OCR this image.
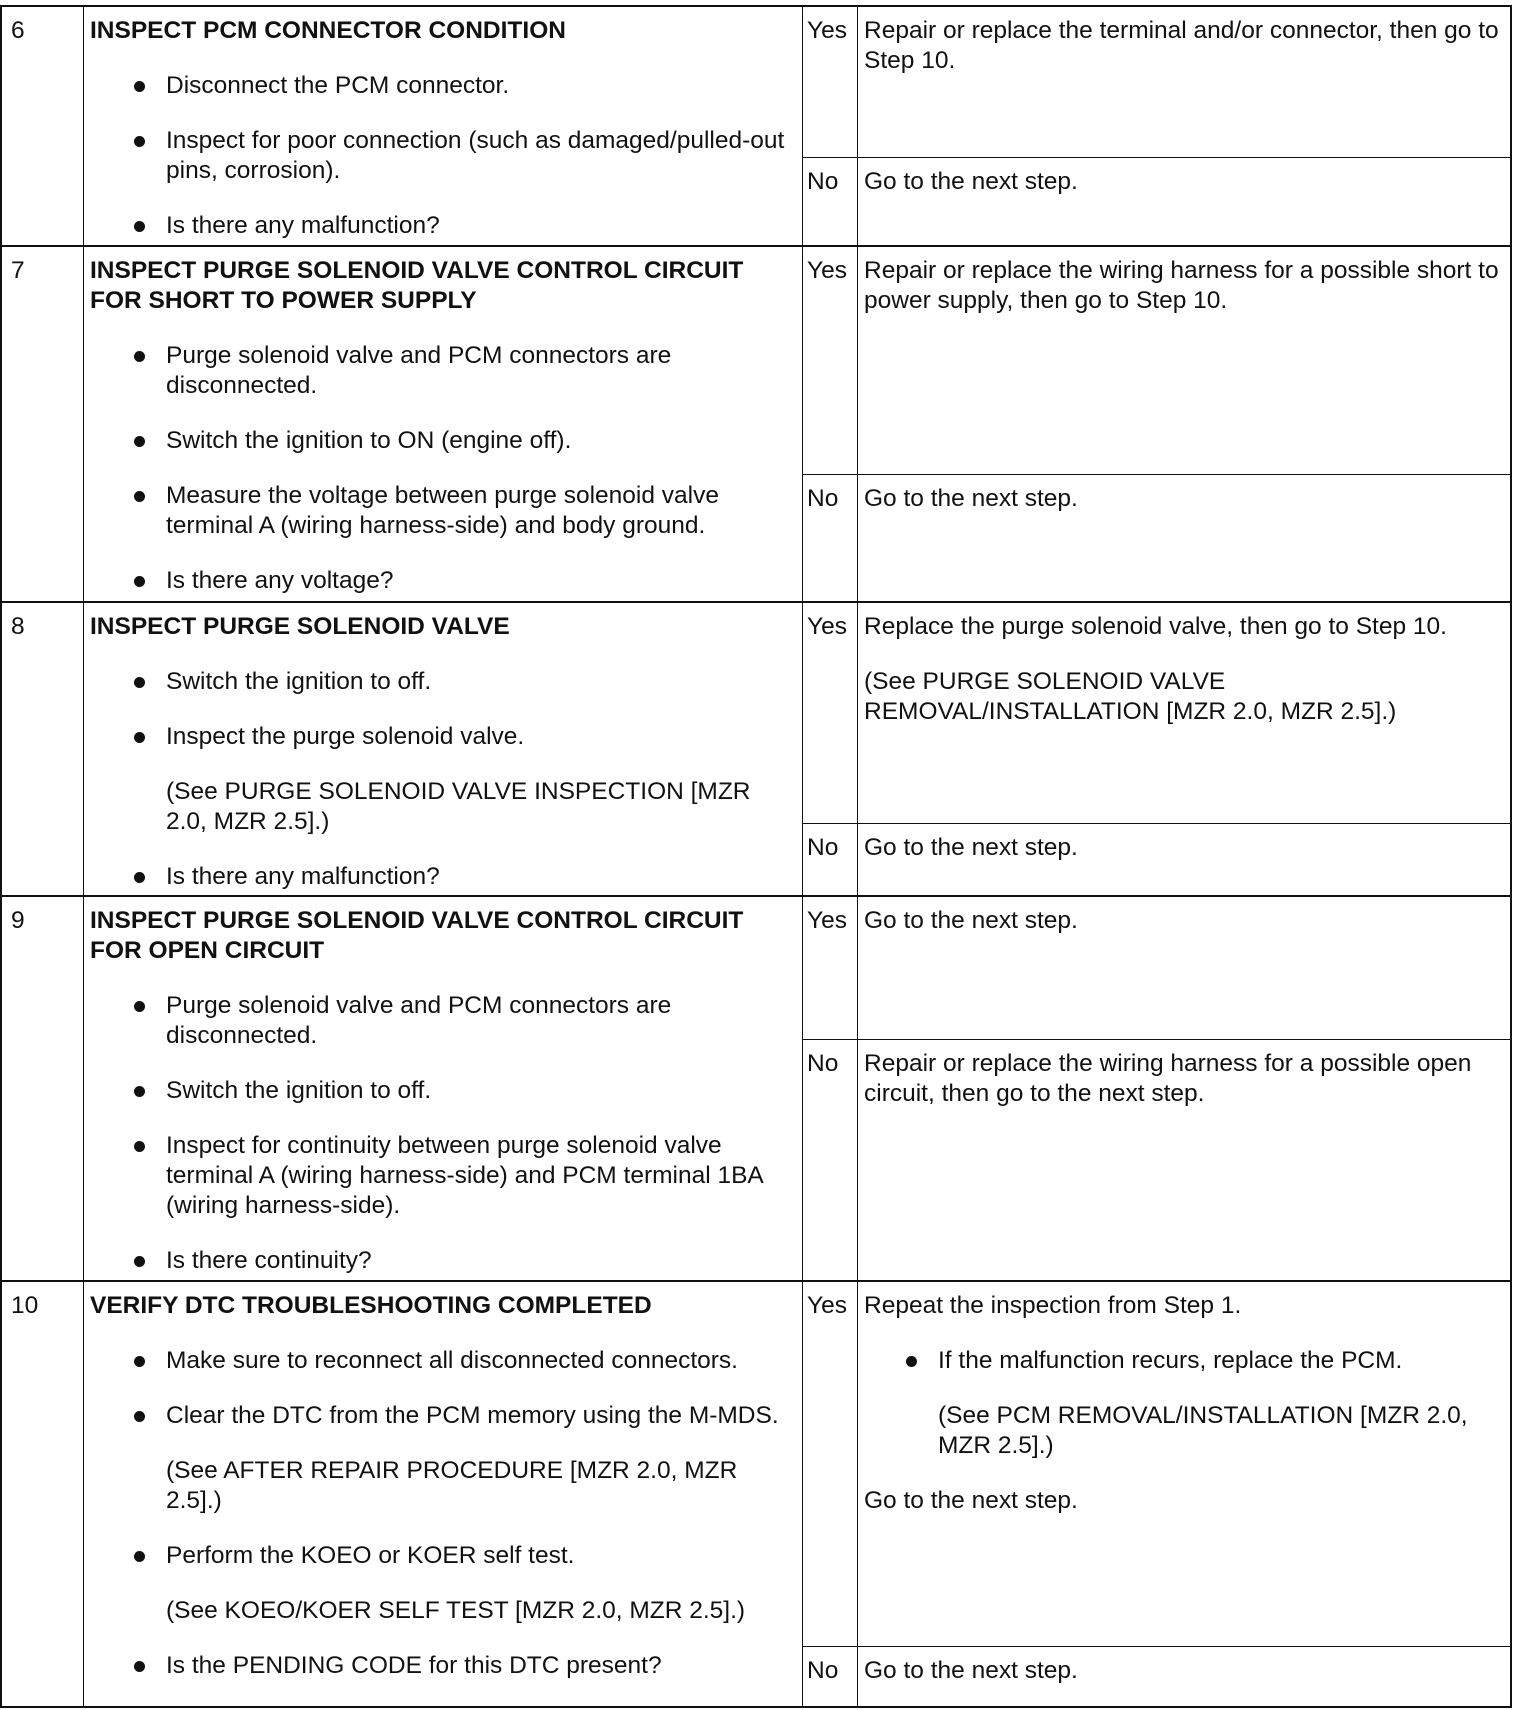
6	INSPECT PCM CONNECTOR CONDITION
Disconnect the PCM connector.
Inspect for poor connection (such as damaged/pulled-out pins, corrosion).
Is there any malfunction?
Yes Repair or replace the terminal and/or connector, then go to Step 10.
No	Go to the next step.
7	INSPECT PURGE SOLENOID VALVE CONTROL CIRCUIT FOR SHORT TO POWER SUPPLY
Purge solenoid valve and PCM connectors are disconnected.
Switch the ignition to ON (engine off).
Measure the voltage between purge solenoid valve terminal A (wiring harness-side) and body ground.
Is there any voltage?
Yes Repair or replace the wiring harness for a possible short to power supply, then go to Step 10.
No	Go to the next step.
8	INSPECT PURGE SOLENOID VALVE
Switch the ignition to off.
Inspect the purge solenoid valve.
(See PURGE SOLENOID VALVE INSPECTION [MZR 2.0, MZR 2.5].)
Is there any malfunction?
Yes Replace the purge solenoid valve, then go to Step 10.
(See PURGE SOLENOID VALVE REMOVAL/INSTALLATION [MZR 2.0, MZR 2.5].)
No	Go to the next step.
9	INSPECT PURGE SOLENOID VALVE CONTROL CIRCUIT FOR OPEN CIRCUIT
Purge solenoid valve and PCM connectors are disconnected.
Switch the ignition to off.
Inspect for continuity between purge solenoid valve terminal A (wiring harness-side) and PCM terminal 1BA (wiring harness-side).
Is there continuity?
Yes Go to the next step.
No	Repair or replace the wiring harness for a possible open circuit, then go to the next step.
10	VERIFY DTC TROUBLESHOOTING COMPLETED
Make sure to reconnect all disconnected connectors.
Clear the DTC from the PCM memory using the M-MDS.
(See AFTER REPAIR PROCEDURE [MZR 2.0, MZR 2.5].)
Perform the KOEO or KOER self test.
(See KOEO/KOER SELF TEST [MZR 2.0, MZR 2.5].)
Is the PENDING CODE for this DTC present?
Yes Repeat the inspection from Step 1.
If the malfunction recurs, replace the PCM.
(See PCM REMOVAL/INSTALLATION [MZR 2.0, MZR 2.5].)
Go to the next step.
No	Go to the next step.
